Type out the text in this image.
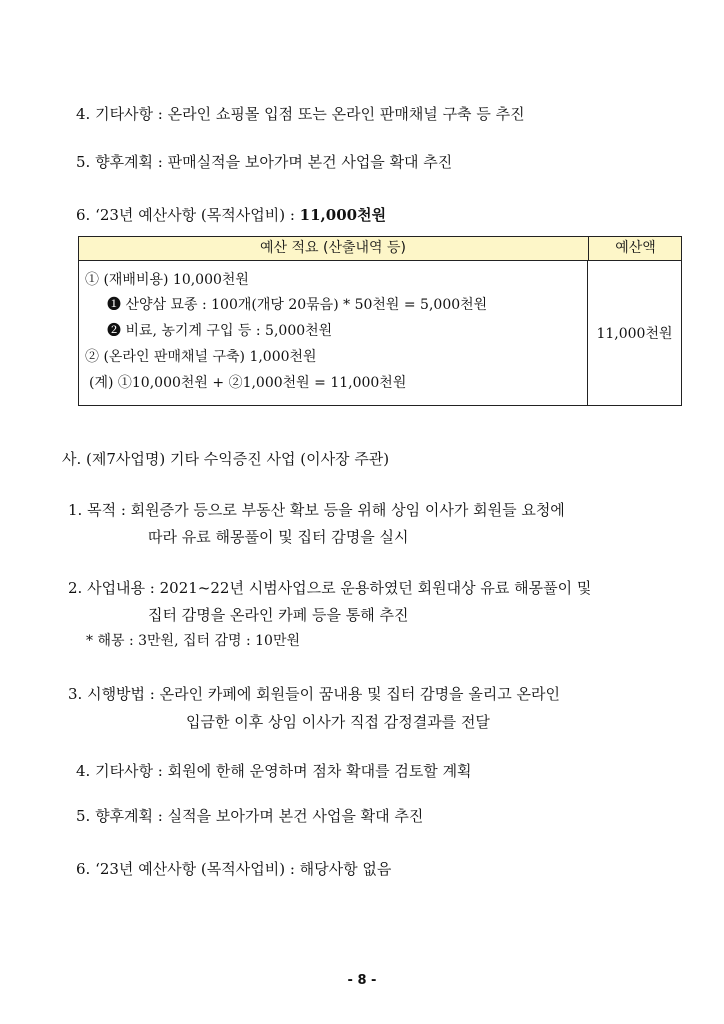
4. 기타사항 : 온라인 쇼핑몰 입점 또는 온라인 판매채널 구축 등 추진
5. 향후계획 : 판매실적을 보아가며 본건 사업을 확대 추진
6. ‘23년 예산사항 (목적사업비) : 11,000천원
예산 적요 (산출내역 등)	예산액
① (재배비용) 10,000천원
❶ 산양삼 묘종 : 100개(개당 20묶음) * 50천원 = 5,000천원
❷ 비료, 농기계 구입 등 : 5,000천원
② (온라인 판매채널 구축) 1,000천원
(계) ①10,000천원 + ②1,000천원 = 11,000천원
11,000천원
사. (제7사업명) 기타 수익증진 사업 (이사장 주관)
1. 목적 : 회원증가 등으로 부동산 확보 등을 위해 상임 이사가 회원들 요청에
따라 유료 해몽풀이 및 집터 감명을 실시
2. 사업내용 : 2021~22년 시범사업으로 운용하였던 회원대상 유료 해몽풀이 및
집터 감명을 온라인 카페 등을 통해 추진
* 해몽 : 3만원, 집터 감명 : 10만원
3. 시행방법 : 온라인 카페에 회원들이 꿈내용 및 집터 감명을 올리고 온라인
입금한 이후 상임 이사가 직접 감정결과를 전달
4. 기타사항 : 회원에 한해 운영하며 점차 확대를 검토할 계획
5. 향후계획 : 실적을 보아가며 본건 사업을 확대 추진
6. ‘23년 예산사항 (목적사업비) : 해당사항 없음
- 8 -
